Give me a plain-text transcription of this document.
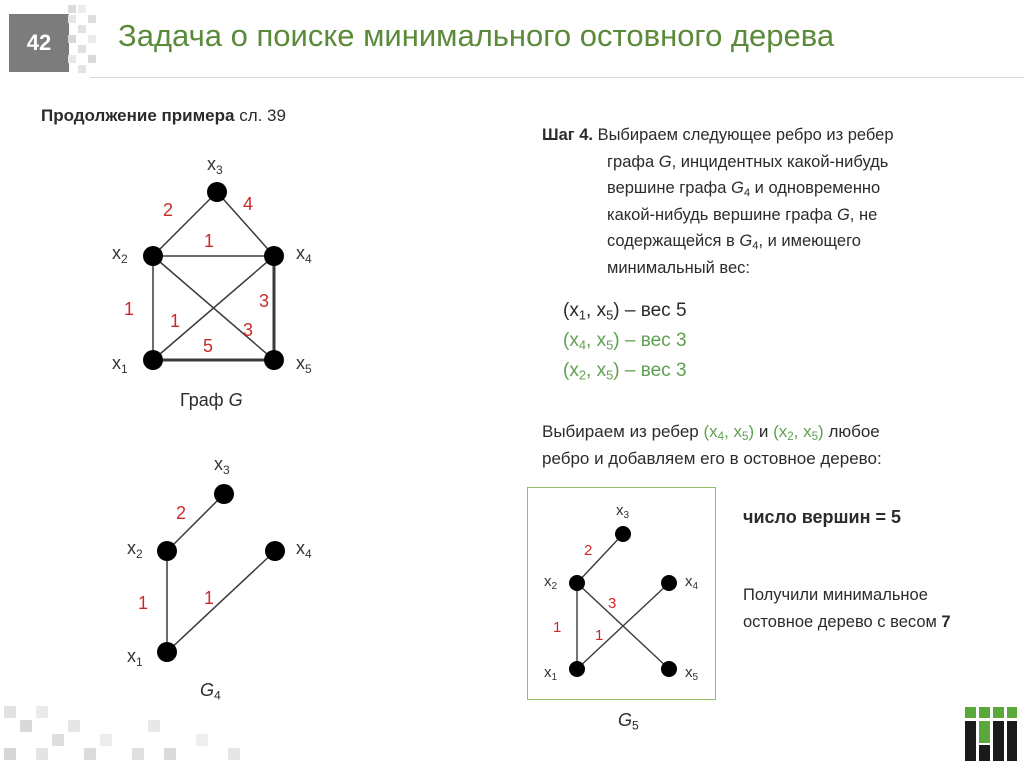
42	Задача о поиске минимального остовного дерева
Продолжение примера сл. 39
$x_1$
$x_2$
$x_3$
$x_4$
$x_5$
2	4
1
1	3
1	3
5
Граф G
$x_3$
$x_2$	$x_4$
$x_1$
2
1	1
$G_4$
Шаг 4. Выбираем следующее ребро из ребер
графа G, инцидентных какой-нибудь
вершине графа $G_4$ и одновременно
какой-нибудь вершине графа G, не
содержащейся в $G_4$, и имеющего
минимальный вес:
($x_1$, $x_5$) – вес 5
($x_4$, $x_5$) – вес 3
($x_2$, $x_5$) – вес 3
Выбираем из ребер ($x_4$, $x_5$) и ($x_2$, $x_5$) любое
ребро и добавляем его в остовное дерево:
$x_3$
$x_2$	$x_4$
$x_1$	$x_5$
2
3
1 1
$G_5$
число вершин = 5
Получили минимальное
остовное дерево с весом 7
